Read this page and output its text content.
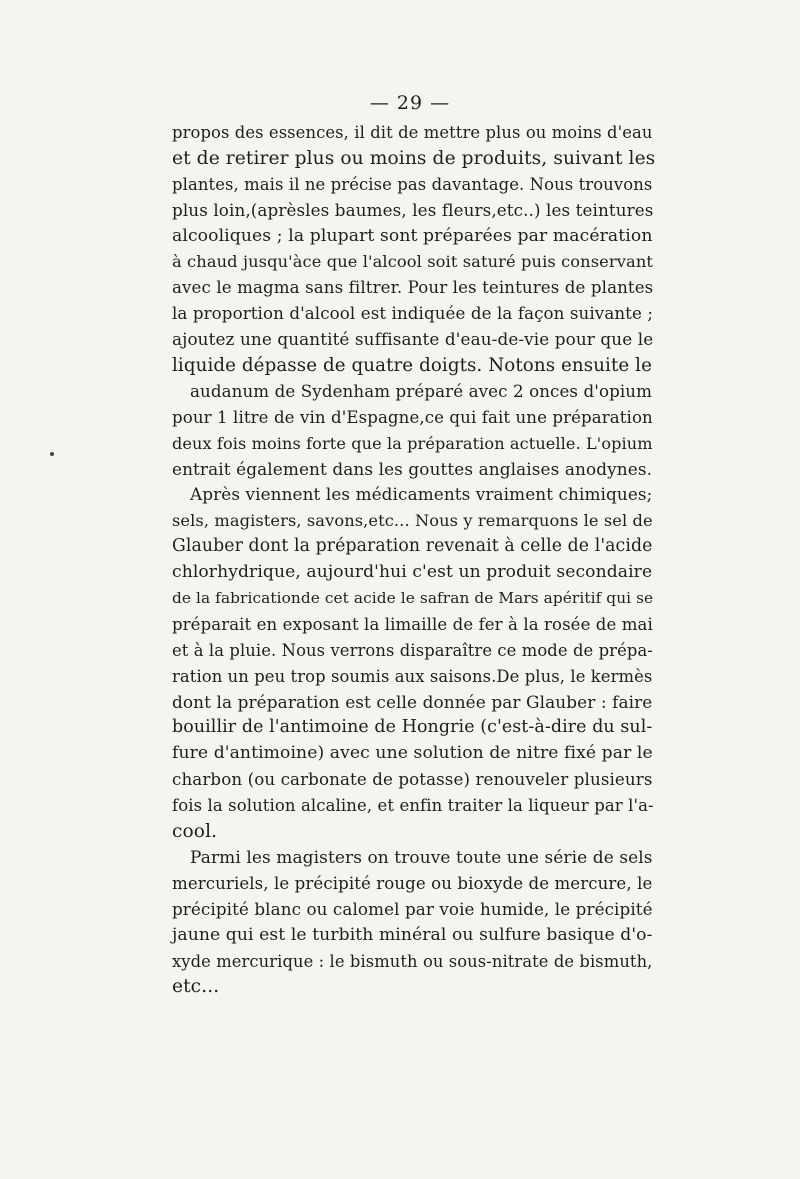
— 29 —
propos des essences, il dit de mettre plus ou moins d'eau
et de retirer plus ou moins de produits, suivant les
plantes, mais il ne précise pas davantage. Nous trouvons
plus loin,(aprèsles baumes, les fleurs,etc..) les teintures
alcooliques ; la plupart sont préparées par macération
à chaud jusqu'àce que l'alcool soit saturé puis conservant
avec le magma sans filtrer. Pour les teintures de plantes
la proportion d'alcool est indiquée de la façon suivante ;
ajoutez une quantité suffisante d'eau-de-vie pour que le
liquide dépasse de quatre doigts. Notons ensuite le
audanum de Sydenham préparé avec 2 onces d'opium
pour 1 litre de vin d'Espagne,ce qui fait une préparation
deux fois moins forte que la préparation actuelle. L'opium
entrait également dans les gouttes anglaises anodynes.
Après viennent les médicaments vraiment chimiques;
sels, magisters, savons,etc... Nous y remarquons le sel de
Glauber dont la préparation revenait à celle de l'acide
chlorhydrique, aujourd'hui c'est un produit secondaire
de la fabricationde cet acide le safran de Mars apéritif qui se
préparait en exposant la limaille de fer à la rosée de mai
et à la pluie. Nous verrons disparaître ce mode de prépa-
ration un peu trop soumis aux saisons.De plus, le kermès
dont la préparation est celle donnée par Glauber : faire
bouillir de l'antimoine de Hongrie (c'est-à-dire du sul-
fure d'antimoine) avec une solution de nitre fixé par le
charbon (ou carbonate de potasse) renouveler plusieurs
fois la solution alcaline, et enfin traiter la liqueur par l'a-
cool.
Parmi les magisters on trouve toute une série de sels
mercuriels, le précipité rouge ou bioxyde de mercure, le
précipité blanc ou calomel par voie humide, le précipité
jaune qui est le turbith minéral ou sulfure basique d'o-
xyde mercurique : le bismuth ou sous-nitrate de bismuth,
etc...
